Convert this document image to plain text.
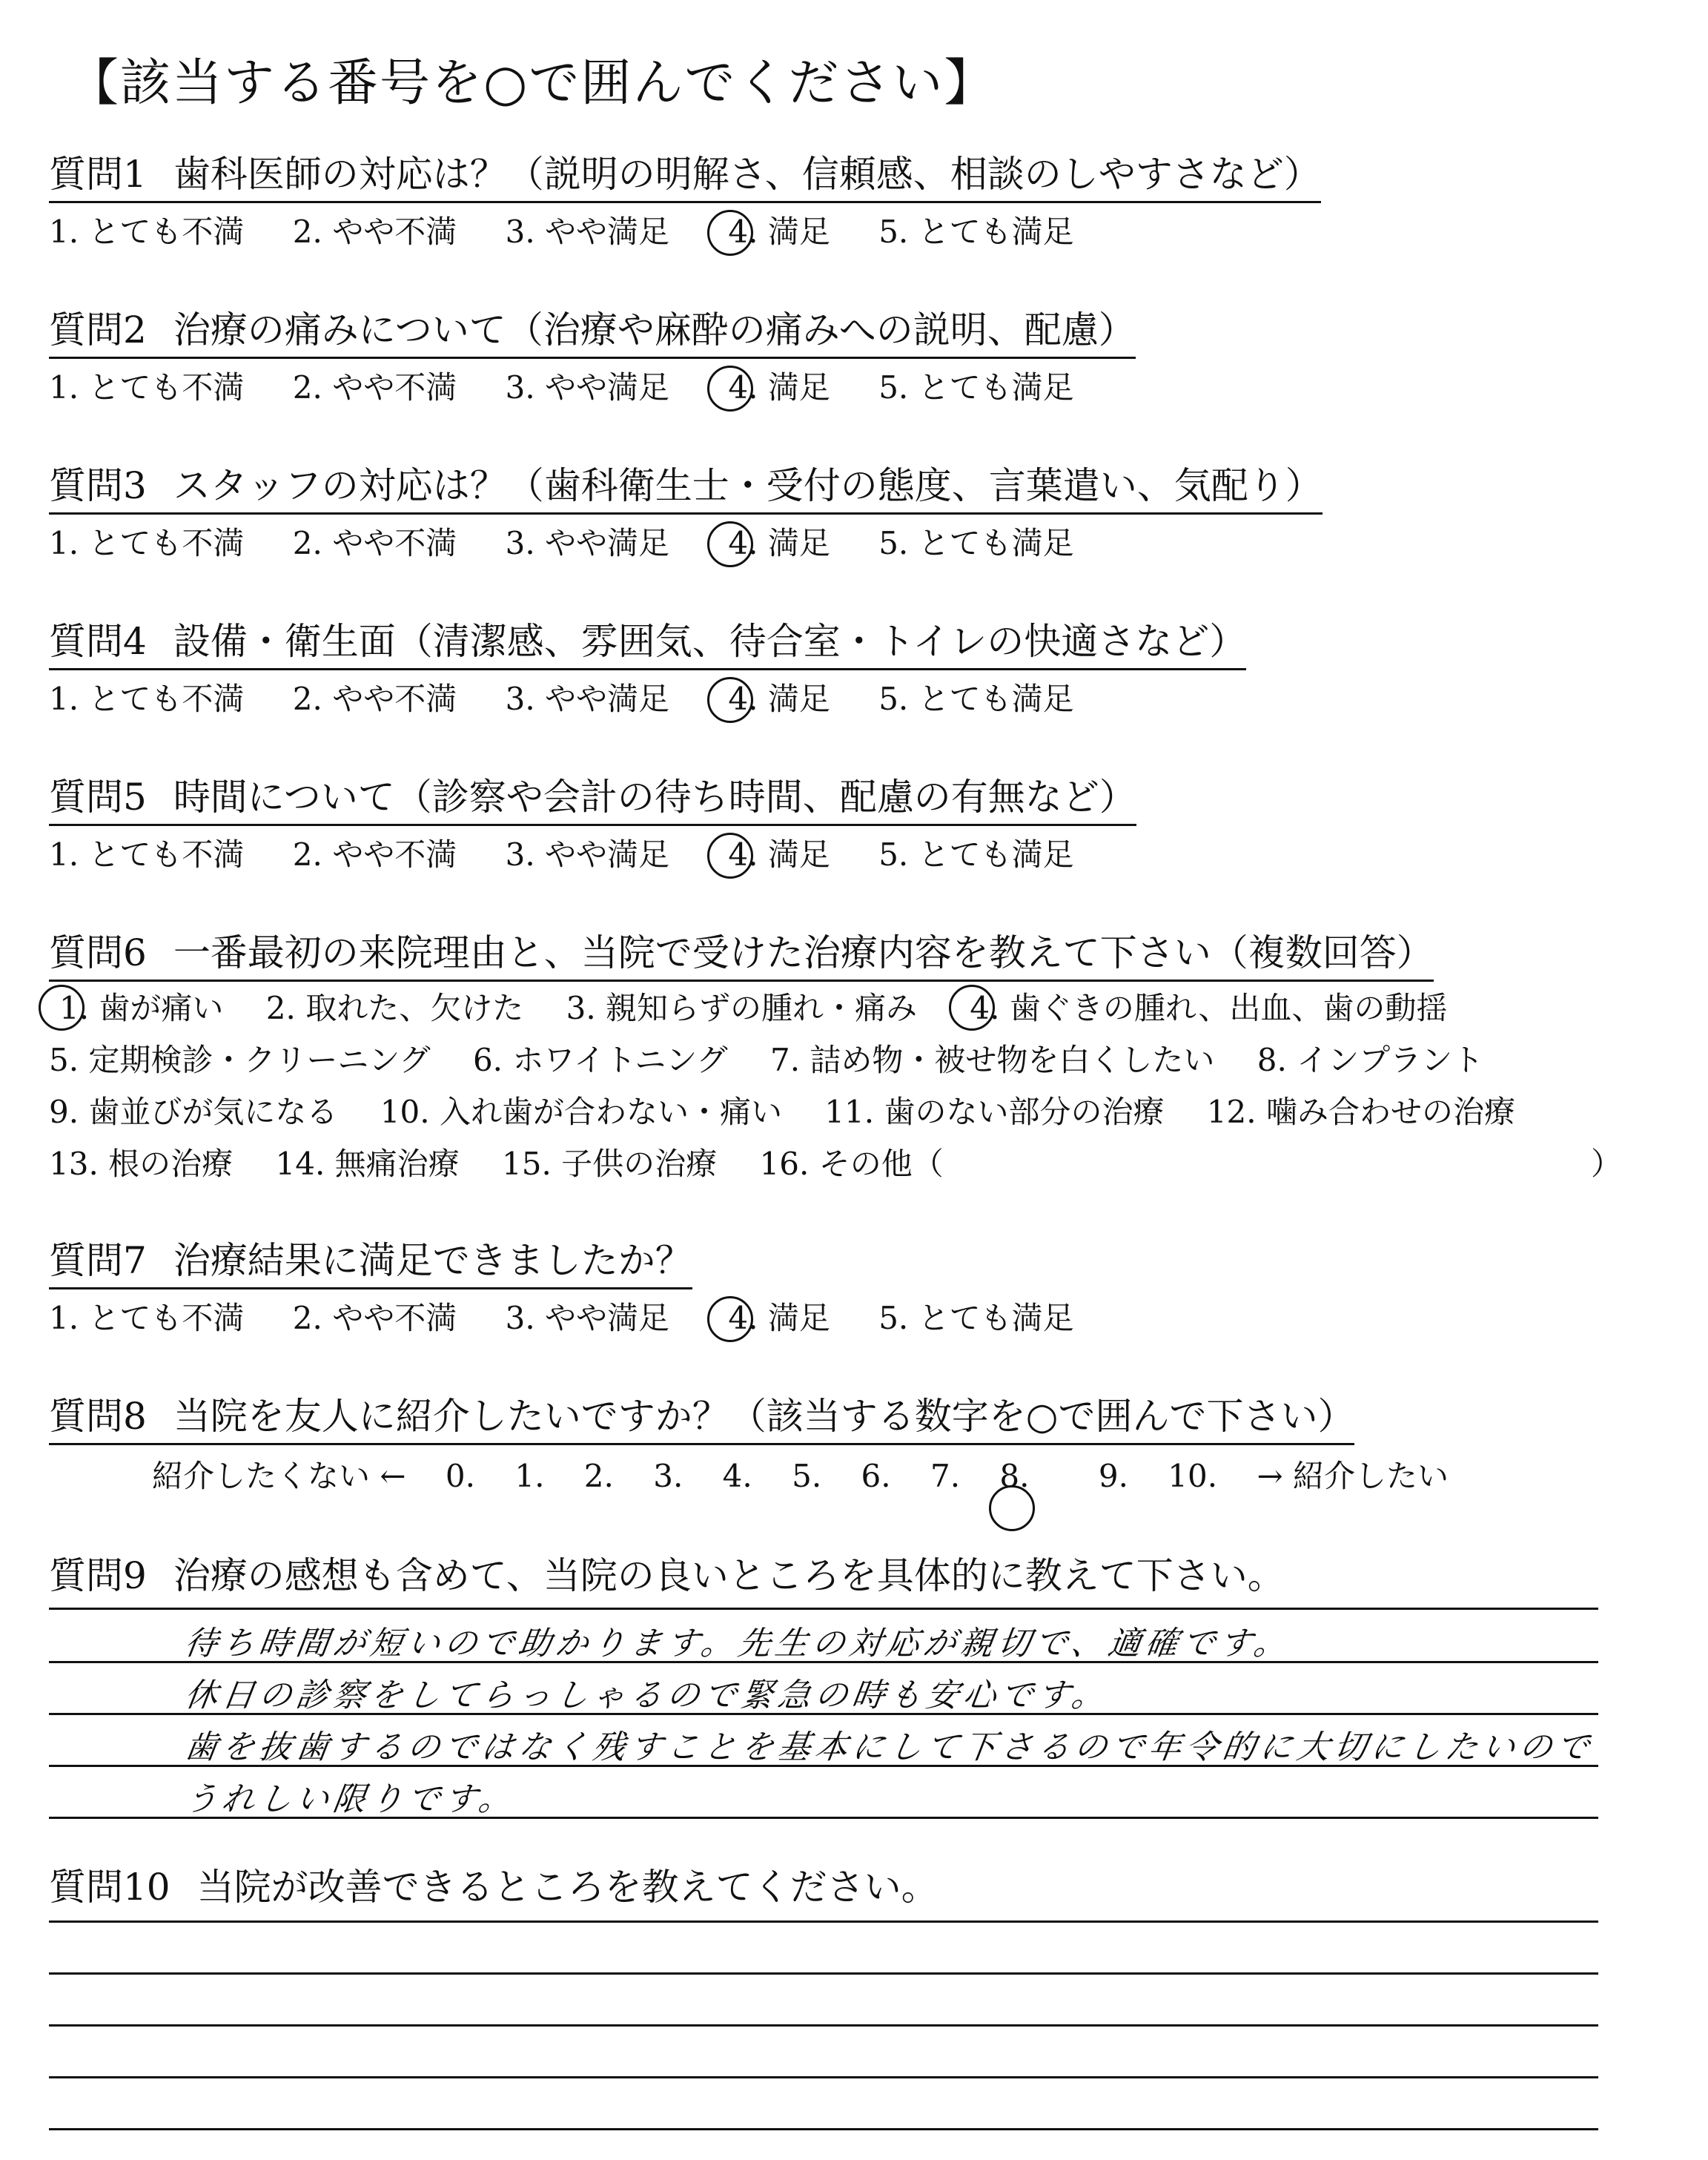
【該当する番号を○で囲んでください】
質問1 歯科医師の対応は？（説明の明解さ、信頼感、相談のしやすさなど）
1. とても不満 2. やや不満 3. やや満足 4. 満足 5. とても満足
質問2 治療の痛みについて（治療や麻酔の痛みへの説明、配慮）
1. とても不満 2. やや不満 3. やや満足 4. 満足 5. とても満足
質問3 スタッフの対応は？（歯科衛生士・受付の態度、言葉遣い、気配り）
1. とても不満 2. やや不満 3. やや満足 4. 満足 5. とても満足
質問4 設備・衛生面（清潔感、雰囲気、待合室・トイレの快適さなど）
1. とても不満 2. やや不満 3. やや満足 4. 満足 5. とても満足
質問5 時間について（診察や会計の待ち時間、配慮の有無など）
1. とても不満 2. やや不満 3. やや満足 4. 満足 5. とても満足
質問6 一番最初の来院理由と、当院で受けた治療内容を教えて下さい（複数回答）
1. 歯が痛い 2. 取れた、欠けた 3. 親知らずの腫れ・痛み 4. 歯ぐきの腫れ、出血、歯の動揺
5. 定期検診・クリーニング 6. ホワイトニング 7. 詰め物・被せ物を白くしたい 8. インプラント
9. 歯並びが気になる 10. 入れ歯が合わない・痛い 11. 歯のない部分の治療 12. 噛み合わせの治療
13. 根の治療 14. 無痛治療 15. 子供の治療 16. その他（	）
質問7 治療結果に満足できましたか？
1. とても不満 2. やや不満 3. やや満足 4. 満足 5. とても満足
質問8 当院を友人に紹介したいですか？（該当する数字を○で囲んで下さい）
紹介したくない ← 0. 1. 2. 3. 4. 5. 6. 7. 8. 9. 10. → 紹介したい
質問9 治療の感想も含めて、当院の良いところを具体的に教えて下さい。
待ち時間が短いので助かります。先生の対応が親切で、適確です。
休日の診察をしてらっしゃるので緊急の時も安心です。
歯を抜歯するのではなく残すことを基本にして下さるので年令的に大切にしたいので
うれしい限りです。
質問10 当院が改善できるところを教えてください。
